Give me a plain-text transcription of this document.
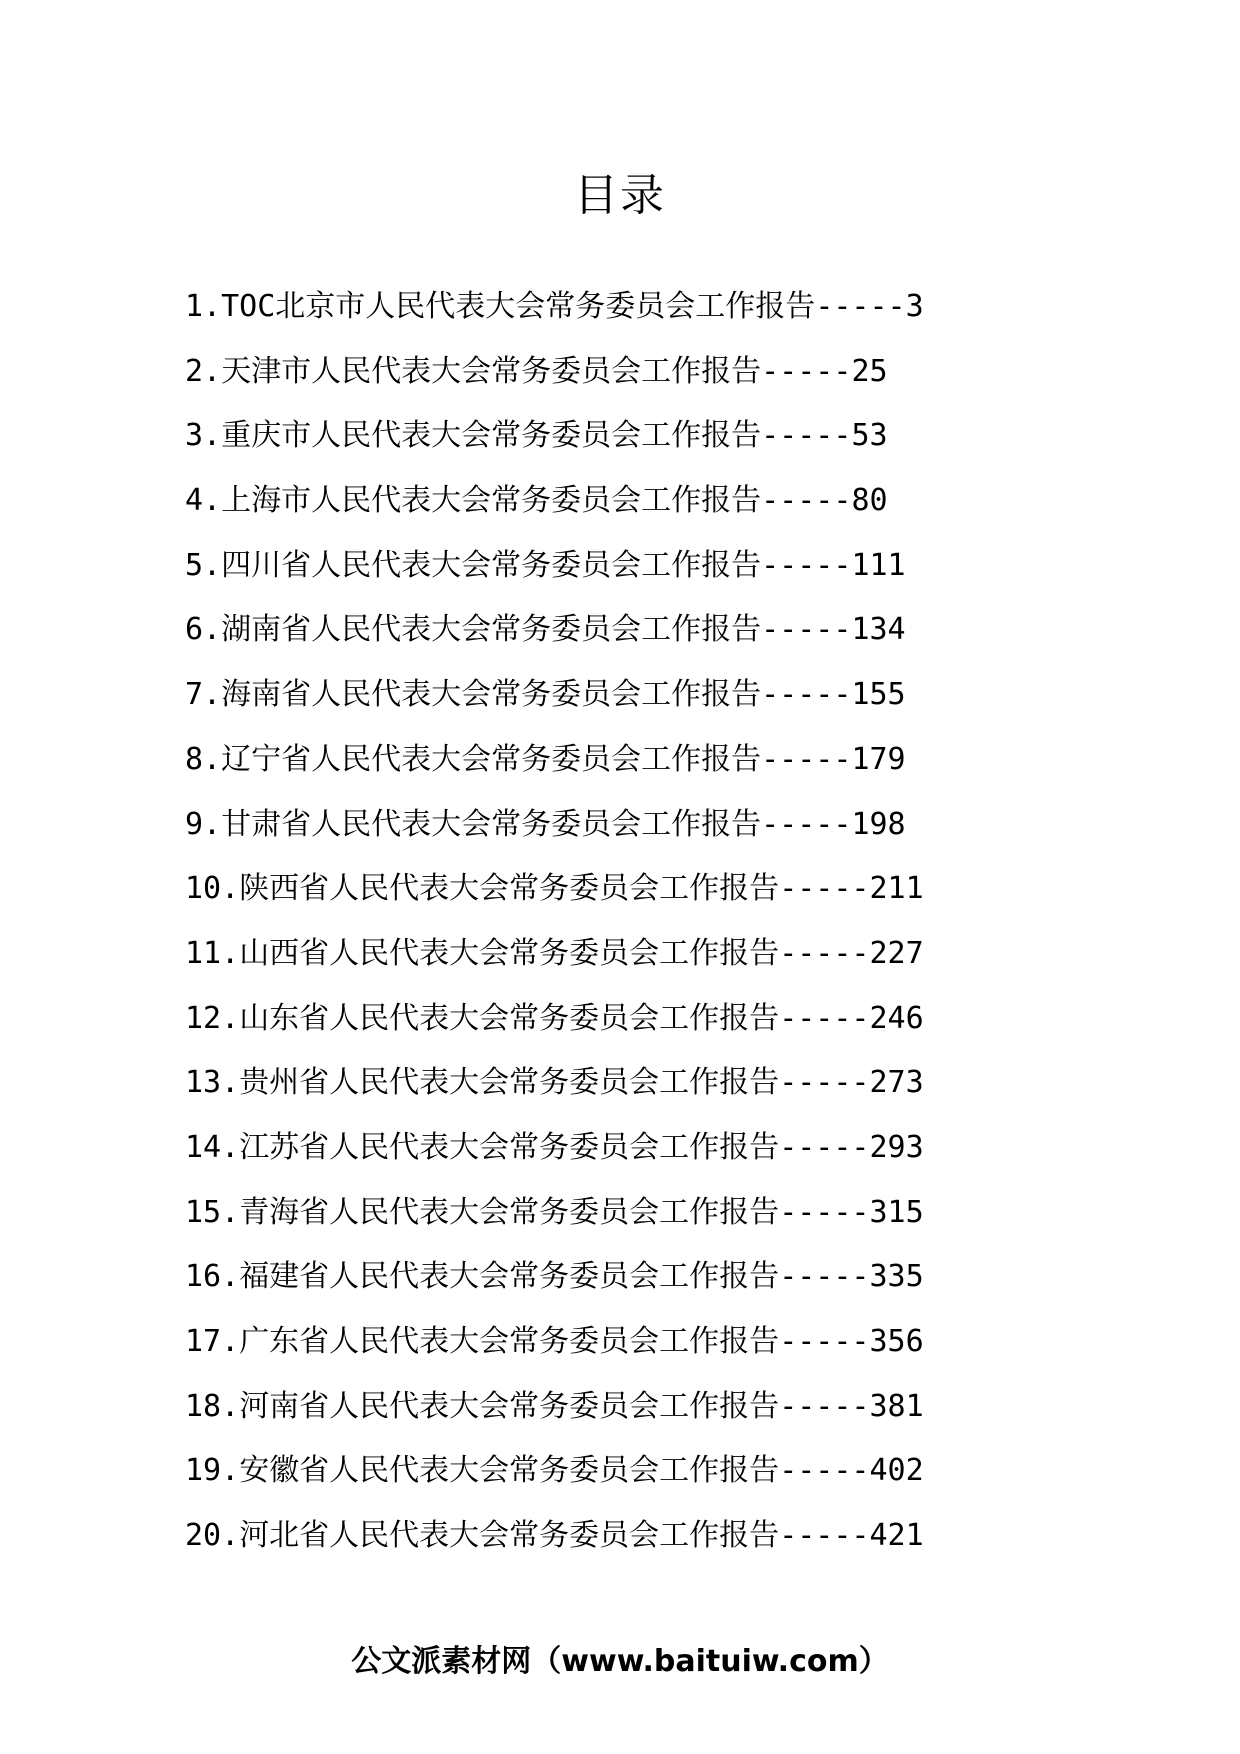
目录
1.TOC北京市人民代表大会常务委员会工作报告-----3
2.天津市人民代表大会常务委员会工作报告-----25
3.重庆市人民代表大会常务委员会工作报告-----53
4.上海市人民代表大会常务委员会工作报告-----80
5.四川省人民代表大会常务委员会工作报告-----111
6.湖南省人民代表大会常务委员会工作报告-----134
7.海南省人民代表大会常务委员会工作报告-----155
8.辽宁省人民代表大会常务委员会工作报告-----179
9.甘肃省人民代表大会常务委员会工作报告-----198
10.陕西省人民代表大会常务委员会工作报告-----211
11.山西省人民代表大会常务委员会工作报告-----227
12.山东省人民代表大会常务委员会工作报告-----246
13.贵州省人民代表大会常务委员会工作报告-----273
14.江苏省人民代表大会常务委员会工作报告-----293
15.青海省人民代表大会常务委员会工作报告-----315
16.福建省人民代表大会常务委员会工作报告-----335
17.广东省人民代表大会常务委员会工作报告-----356
18.河南省人民代表大会常务委员会工作报告-----381
19.安徽省人民代表大会常务委员会工作报告-----402
20.河北省人民代表大会常务委员会工作报告-----421
公文派素材网（www.baituiw.com）
